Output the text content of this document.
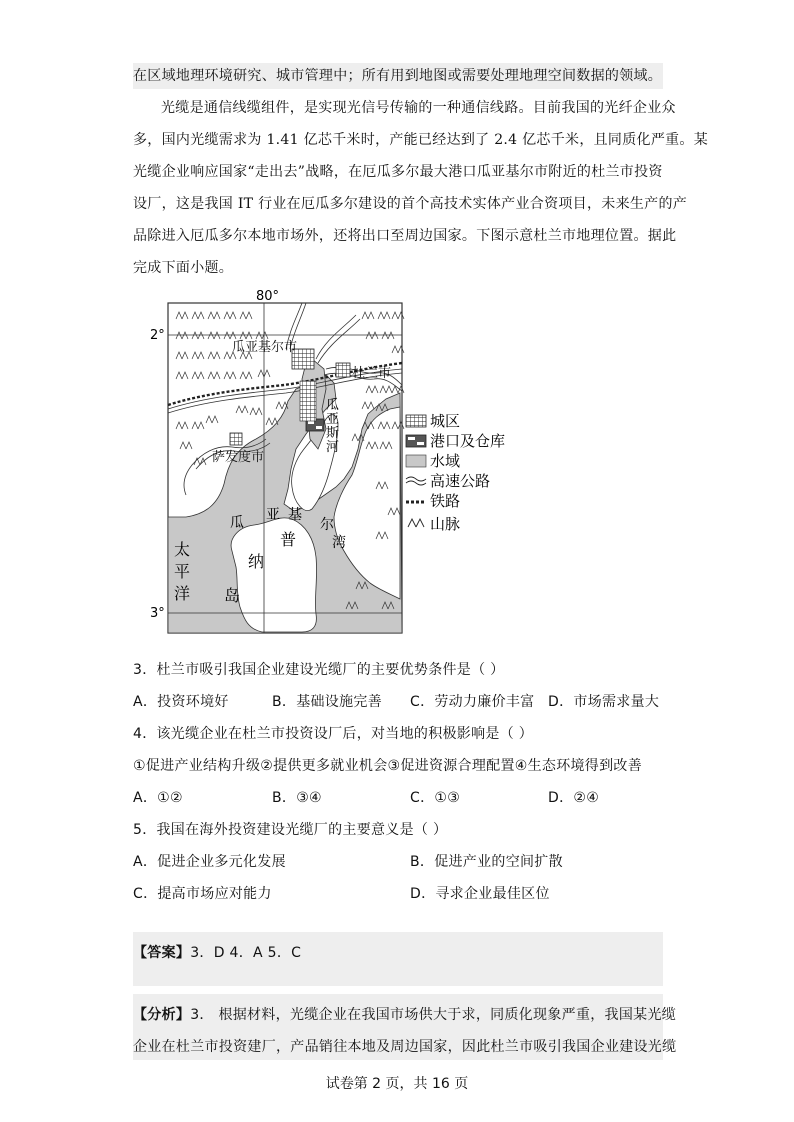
在区域地理环境研究、城市管理中；所有用到地图或需要处理地理空间数据的领域。
光缆是通信线缆组件，是实现光信号传输的一种通信线路。目前我国的光纤企业众
多，国内光缆需求为 1.41 亿芯千米时，产能已经达到了 2.4 亿芯千米，且同质化严重。某
光缆企业响应国家“走出去”战略，在厄瓜多尔最大港口瓜亚基尔市附近的杜兰市投资
设厂，这是我国 IT 行业在厄瓜多尔建设的首个高技术实体产业合资项目，未来生产的产
品除进入厄瓜多尔本地市场外，还将出口至周边国家。下图示意杜兰市地理位置。据此
完成下面小题。
80°
2°
3°
瓜亚基尔市
杜兰市
萨发度市
瓜
亚
斯
河
瓜 亚 基
尔
湾
太
平
洋
普
纳
岛
城区
港口及仓库
水域
高速公路
铁路
山脉
3．杜兰市吸引我国企业建设光缆厂的主要优势条件是（ ）
A．投资环境好	B．基础设施完善 C．劳动力廉价丰富 D．市场需求量大
4．该光缆企业在杜兰市投资设厂后，对当地的积极影响是（ ）
①促进产业结构升级②提供更多就业机会③促进资源合理配置④生态环境得到改善
A．①②	B．③④	C．①③	D．②④
5．我国在海外投资建设光缆厂的主要意义是（ ）
A．促进企业多元化发展	B．促进产业的空间扩散
C．提高市场应对能力	D．寻求企业最佳区位
【答案】3．D 4．A 5．C
【分析】3． 根据材料，光缆企业在我国市场供大于求，同质化现象严重，我国某光缆
企业在杜兰市投资建厂，产品销往本地及周边国家，因此杜兰市吸引我国企业建设光缆
试卷第 2 页，共 16 页
